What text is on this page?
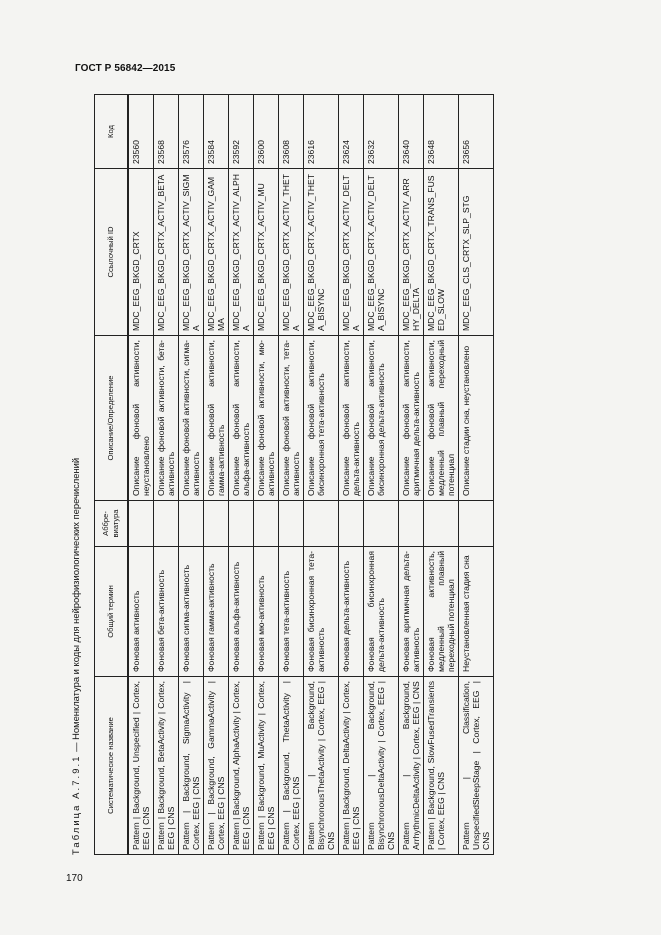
ГОСТ Р 56842—2015
Таблица А.7.9.1 — Номенклатура и коды для нейрофизиологических перечислений
Систематическое название	Общий термин	Аббре-виатура	Описание/Определение	Ссылочный ID	Код
Pattern | Background, Unspecified | Cortex, EEG | CNS	Фоновая активность		Описание фоновой активности, неустановлено	MDC_EEG_BKGD_CRTX	23560
Pattern | Background, BetaActivity | Cortex, EEG | CNS	Фоновая бета-активность		Описание фоновой активности, бета-активность	MDC_EEG_BKGD_CRTX_ACTIV_BETA	23568
Pattern | Background, SigmaActivity | Cortex, EEG | CNS	Фоновая сигма-активность		Описание фоновой активности, сигма-активность	MDC_EEG_BKGD_CRTX_ACTIV_SIGMA	23576
Pattern | Background, GammaActivity | Cortex, EEG | CNS	Фоновая гамма-активность		Описание фоновой активности, гамма-активность	MDC_EEG_BKGD_CRTX_ACTIV_GAMMA	23584
Pattern | Background, AlphaActivity | Cortex, EEG | CNS	Фоновая альфа-активность		Описание фоновой активности, альфа-активность	MDC_EEG_BKGD_CRTX_ACTIV_ALPHA	23592
Pattern | Background, MuActivity | Cortex, EEG | CNS	Фоновая мю-активность		Описание фоновой активности, мю-активность	MDC_EEG_BKGD_CRTX_ACTIV_MU	23600
Pattern | Background, ThetaActivity | Cortex, EEG | CNS	Фоновая тета-активность		Описание фоновой активности, тета-активность	MDC_EEG_BKGD_CRTX_ACTIV_THETA	23608
Pattern | Background, BisynchronousThetaActivity | Cortex, EEG | CNS	Фоновая бисинхронная тета-активность		Описание фоновой активности, бисинхронная тета-активность	MDC_EEG_BKGD_CRTX_ACTIV_THETA_BISYNC	23616
Pattern | Background, DeltaActivity | Cortex, EEG | CNS	Фоновая дельта-активность		Описание фоновой активности, дельта-активность	MDC_EEG_BKGD_CRTX_ACTIV_DELTA	23624
Pattern | Background, BisynchronousDeltaActivity | Cortex, EEG | CNS	Фоновая бисинхронная дельта-активность		Описание фоновой активности, бисинхронная дельта-активность	MDC_EEG_BKGD_CRTX_ACTIV_DELTA_BISYNC	23632
Pattern | Background, ArrhythmicDeltaActivity | Cortex, EEG | CNS	Фоновая аритмичная дельта-активность		Описание фоновой активности, аритмичная дельта-активность	MDC_EEG_BKGD_CRTX_ACTIV_ARRHY_DELTA	23640
Pattern | Background, SlowFusedTransients | Cortex, EEG | CNS	Фоновая активность, медленный плавный переходный потенциал		Описание фоновой активности, медленный плавный переходный потенциал	MDC_EEG_BKGD_CRTX_TRANS_FUSED_SLOW	23648
Pattern | Classification, UnspecifiedSleepStage | Cortex, EEG | CNS	Неустановленная стадия сна		Описание стадии сна, неустановлено	MDC_EEG_CLS_CRTX_SLP_STG	23656
170
